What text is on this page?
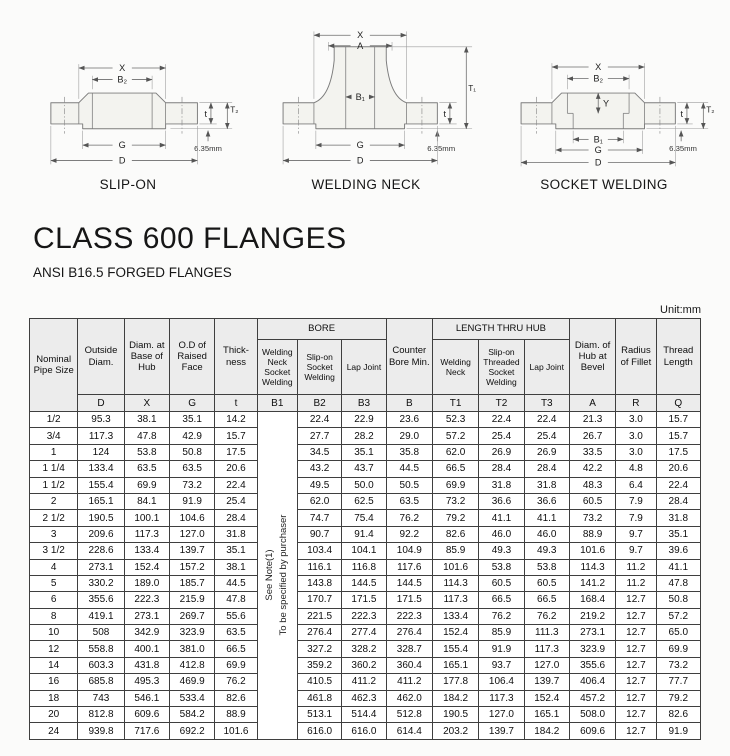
X
B₂
t	T₂
6.35mm
G
D
SLIP-ON
X
A
B₁
t
T₁
6.35mm
G
D
WELDING NECK
X
B₂
Y
t	T₂
B₁
6.35mm
G
D
SOCKET WELDING
CLASS 600 FLANGES
ANSI B16.5 FORGED FLANGES
Unit:mm
Nominal Pipe Size	Outside Diam.	Diam. at Base of Hub	O.D of Raised Face	Thick-ness	BORE			Counter Bore Min.	LENGTH THRU HUB			Diam. of Hub at Bevel	Radius of Fillet	Thread Length
					Welding Neck Socket Welding	Slip-on Socket Welding	Lap Joint		Welding Neck	Slip-on Threaded Socket Welding	Lap Joint			
	D	X	G	t	B1	B2	B3	B	T1	T2	T3	A	R	Q
1/2	95.3	38.1	35.1	14.2	See Note(1) To be specified by purchaser	22.4	22.9	23.6	52.3	22.4	22.4	21.3	3.0	15.7
3/4	117.3	47.8	42.9	15.7		27.7	28.2	29.0	57.2	25.4	25.4	26.7	3.0	15.7
1	124	53.8	50.8	17.5		34.5	35.1	35.8	62.0	26.9	26.9	33.5	3.0	17.5
1 1/4	133.4	63.5	63.5	20.6		43.2	43.7	44.5	66.5	28.4	28.4	42.2	4.8	20.6
1 1/2	155.4	69.9	73.2	22.4		49.5	50.0	50.5	69.9	31.8	31.8	48.3	6.4	22.4
2	165.1	84.1	91.9	25.4		62.0	62.5	63.5	73.2	36.6	36.6	60.5	7.9	28.4
2 1/2	190.5	100.1	104.6	28.4		74.7	75.4	76.2	79.2	41.1	41.1	73.2	7.9	31.8
3	209.6	117.3	127.0	31.8		90.7	91.4	92.2	82.6	46.0	46.0	88.9	9.7	35.1
3 1/2	228.6	133.4	139.7	35.1		103.4	104.1	104.9	85.9	49.3	49.3	101.6	9.7	39.6
4	273.1	152.4	157.2	38.1		116.1	116.8	117.6	101.6	53.8	53.8	114.3	11.2	41.1
5	330.2	189.0	185.7	44.5		143.8	144.5	144.5	114.3	60.5	60.5	141.2	11.2	47.8
6	355.6	222.3	215.9	47.8		170.7	171.5	171.5	117.3	66.5	66.5	168.4	12.7	50.8
8	419.1	273.1	269.7	55.6		221.5	222.3	222.3	133.4	76.2	76.2	219.2	12.7	57.2
10	508	342.9	323.9	63.5		276.4	277.4	276.4	152.4	85.9	111.3	273.1	12.7	65.0
12	558.8	400.1	381.0	66.5		327.2	328.2	328.7	155.4	91.9	117.3	323.9	12.7	69.9
14	603.3	431.8	412.8	69.9		359.2	360.2	360.4	165.1	93.7	127.0	355.6	12.7	73.2
16	685.8	495.3	469.9	76.2		410.5	411.2	411.2	177.8	106.4	139.7	406.4	12.7	77.7
18	743	546.1	533.4	82.6		461.8	462.3	462.0	184.2	117.3	152.4	457.2	12.7	79.2
20	812.8	609.6	584.2	88.9		513.1	514.4	512.8	190.5	127.0	165.1	508.0	12.7	82.6
24	939.8	717.6	692.2	101.6		616.0	616.0	614.4	203.2	139.7	184.2	609.6	12.7	91.9
